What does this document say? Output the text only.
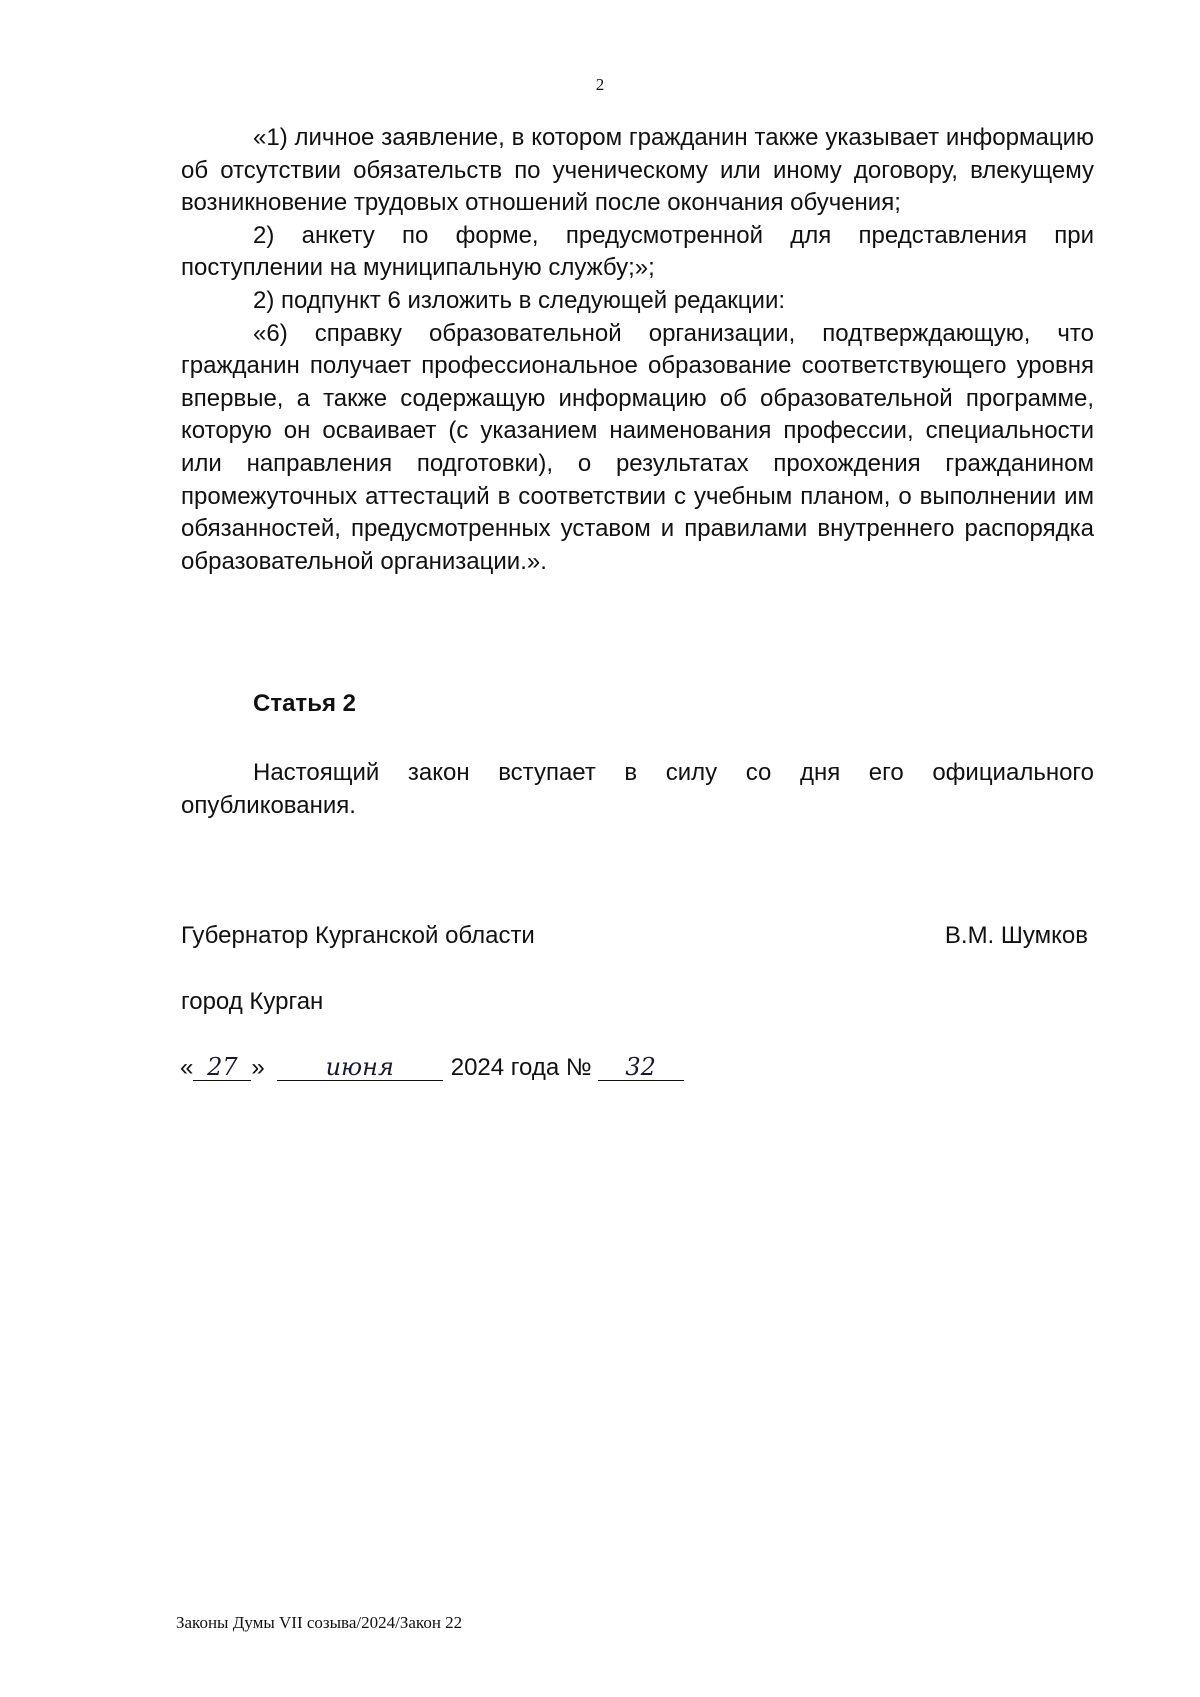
2

«1) личное заявление, в котором гражданин также указывает информацию об отсутствии обязательств по ученическому или иному договору, влекущему возникновение трудовых отношений после окончания обучения;

2) анкету по форме, предусмотренной для представления при поступлении на муниципальную службу;»;

2) подпункт 6 изложить в следующей редакции:

«6) справку образовательной организации, подтверждающую, что гражданин получает профессиональное образование соответствующего уровня впервые, а также содержащую информацию об образовательной программе, которую он осваивает (с указанием наименования профессии, специальности или направления подготовки), о результатах прохождения гражданином промежуточных аттестаций в соответствии с учебным планом, о выполнении им обязанностей, предусмотренных уставом и правилами внутреннего распорядка образовательной организации.».

Статья 2

Настоящий закон вступает в силу со дня его официального опубликования.

Губернатор Курганской области	В.М. Шумков
город Курган
« 27 »	июня 2024 года № 32
Законы Думы VII созыва/2024/Закон 22
